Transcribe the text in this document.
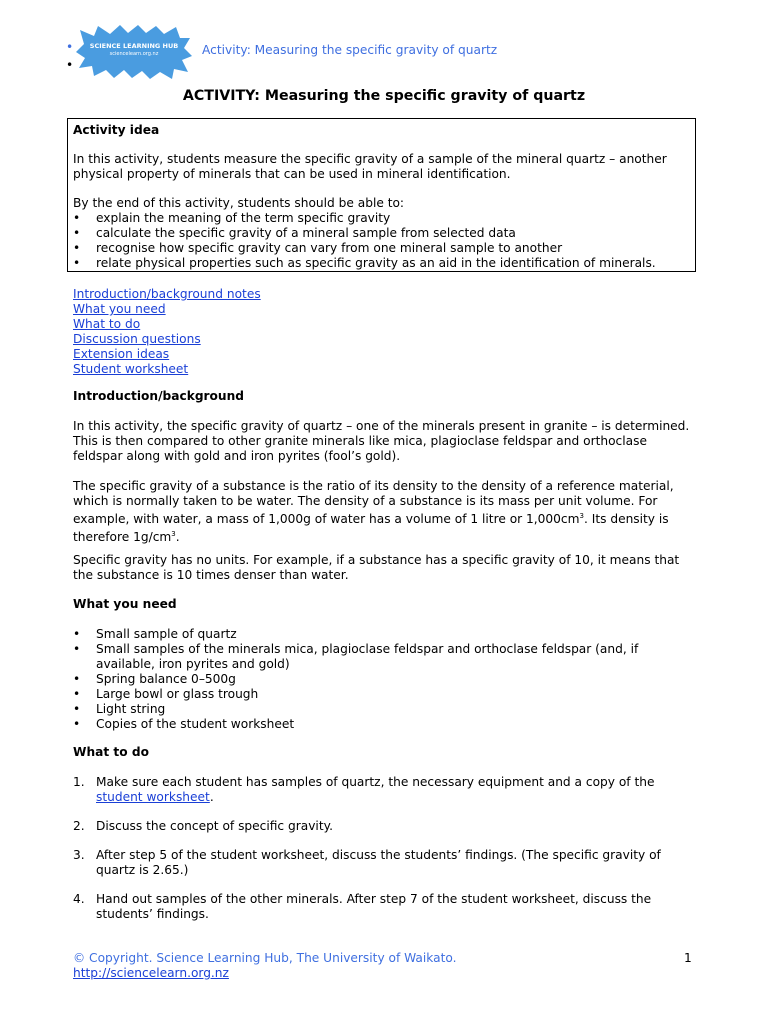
•
•
SCIENCE LEARNING HUB
sciencelearn.org.nz	Activity: Measuring the specific gravity of quartz
ACTIVITY: Measuring the specific gravity of quartz
Activity idea

In this activity, students measure the specific gravity of a sample of the mineral quartz – another physical property of minerals that can be used in mineral identification.

By the end of this activity, students should be able to:

• explain the meaning of the term specific gravity
• calculate the specific gravity of a mineral sample from selected data
• recognise how specific gravity can vary from one mineral sample to another
• relate physical properties such as specific gravity as an aid in the identification of minerals.

Introduction/background notes

What you need

What to do

Discussion questions

Extension ideas

Student worksheet

Introduction/background

In this activity, the specific gravity of quartz – one of the minerals present in granite – is determined. This is then compared to other granite minerals like mica, plagioclase feldspar and orthoclase feldspar along with gold and iron pyrites (fool’s gold).

The specific gravity of a substance is the ratio of its density to the density of a reference material, which is normally taken to be water. The density of a substance is its mass per unit volume. For example, with water, a mass of 1,000g of water has a volume of 1 litre or $1,000cm^3$. Its density is therefore $1g/cm^3$.

Specific gravity has no units. For example, if a substance has a specific gravity of 10, it means that the substance is 10 times denser than water.

What you need
• Small sample of quartz
• Small samples of the minerals mica, plagioclase feldspar and orthoclase feldspar (and, if available, iron pyrites and gold)
• Spring balance 0–500g
• Large bowl or glass trough
• Light string
• Copies of the student worksheet
What to do
1. Make sure each student has samples of quartz, the necessary equipment and a copy of the student worksheet.
2. Discuss the concept of specific gravity.
3. After step 5 of the student worksheet, discuss the students’ findings. (The specific gravity of quartz is 2.65.)
4. Hand out samples of the other minerals. After step 7 of the student worksheet, discuss the students’ findings.
© Copyright. Science Learning Hub, The University of Waikato.
http://sciencelearn.org.nz
1
